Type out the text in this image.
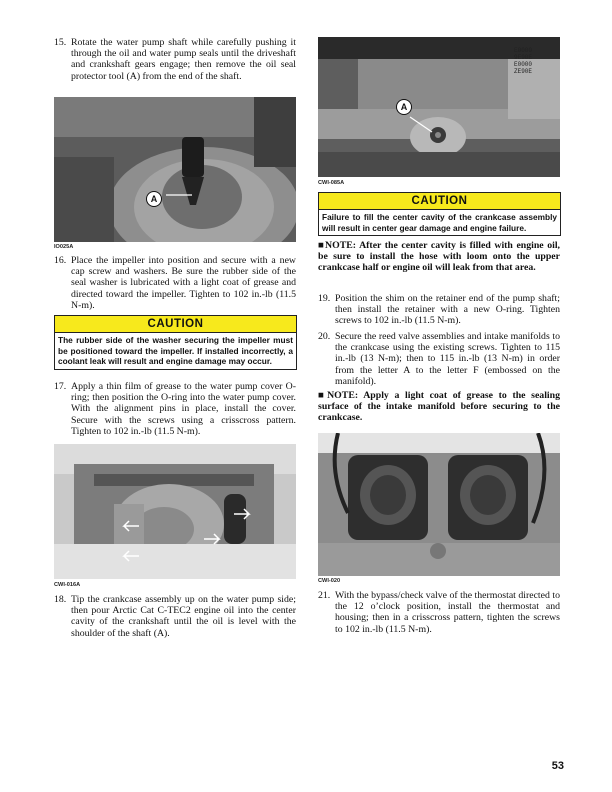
15. Rotate the water pump shaft while carefully pushing it through the oil and water pump seals until the driveshaft and crankshaft gears engage; then remove the oil seal protector tool (A) from the end of the shaft.
A
IO025A
16. Place the impeller into position and secure with a new cap screw and washers. Be sure the rubber side of the seal washer is lubricated with a light coat of grease and directed toward the impeller. Tighten to 102 in.-lb (11.5 N-m).
CAUTION
The rubber side of the washer securing the impeller must be positioned toward the impeller. If installed incorrectly, a coolant leak will result and engine damage may occur.
17. Apply a thin film of grease to the water pump cover O-ring; then position the O-ring into the water pump cover. With the alignment pins in place, install the cover. Secure with the screws using a crisscross pattern. Tighten to 102 in.-lb (11.5 N-m).
CWI-016A
18. Tip the crankcase assembly up on the water pump side; then pour Arctic Cat C-TEC2 engine oil into the center cavity of the crankshaft until the oil is level with the shoulder of the shaft (A).
A
E0000
9E90E
E0000
ZE90E
CWI-085A
CAUTION
Failure to fill the center cavity of the crankcase assembly will result in center gear damage and engine failure.
■NOTE: After the center cavity is filled with engine oil, be sure to install the hose with loom onto the upper crankcase half or engine oil will leak from that area.
19. Position the shim on the retainer end of the pump shaft; then install the retainer with a new O-ring. Tighten screws to 102 in.-lb (11.5 N-m).
20. Secure the reed valve assemblies and intake manifolds to the crankcase using the existing screws. Tighten to 115 in.-lb (13 N-m); then to 115 in.-lb (13 N-m) in order from the letter A to the letter F (embossed on the manifold).
■NOTE: Apply a light coat of grease to the sealing surface of the intake manifold before securing to the crankcase.
CWI-020
21. With the bypass/check valve of the thermostat directed to the 12 o’clock position, install the thermostat and housing; then in a crisscross pattern, tighten the screws to 102 in.-lb (11.5 N-m).
53
